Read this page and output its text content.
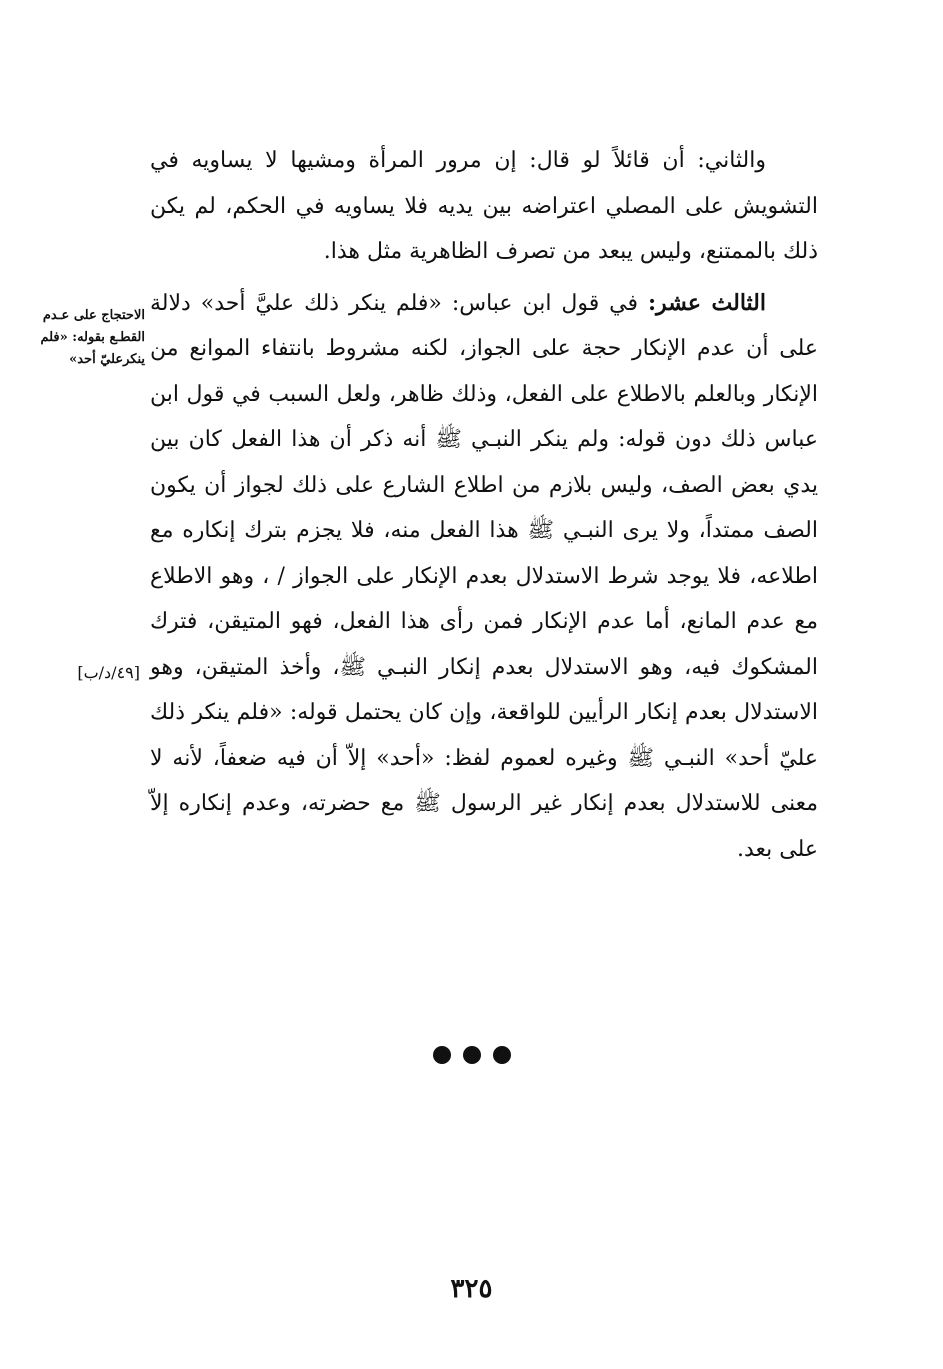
والثاني: أن قائلاً لو قال: إن مرور المرأة ومشيها لا يساويه في التشويش على المصلي اعتراضه بين يديه فلا يساويه في الحكم، لم يكن ذلك بالممتنع، وليس يبعد من تصرف الظاهرية مثل هذا.

الثالث عشر: في قول ابن عباس: «فلم ينكر ذلك عليَّ أحد» دلالة على أن عدم الإنكار حجة على الجواز، لكنه مشروط بانتفاء الموانع من الإنكار وبالعلم بالاطلاع على الفعل، وذلك ظاهر، ولعل السبب في قول ابن عباس ذلك دون قوله: ولم ينكر النبـي ﷺ أنه ذكر أن هذا الفعل كان بين يدي بعض الصف، وليس بلازم من اطلاع الشارع على ذلك لجواز أن يكون الصف ممتداً، ولا يرى النبـي ﷺ هذا الفعل منه، فلا يجزم بترك إنكاره مع اطلاعه، فلا يوجد شرط الاستدلال بعدم الإنكار على الجواز / ، وهو الاطلاع مع عدم المانع، أما عدم الإنكار فمن رأى هذا الفعل، فهو المتيقن، فترك المشكوك فيه، وهو الاستدلال بعدم إنكار النبـي ﷺ، وأخذ المتيقن، وهو الاستدلال بعدم إنكار الرأيين للواقعة، وإن كان يحتمل قوله: «فلم ينكر ذلك عليّ أحد» النبـي ﷺ وغيره لعموم لفظ: «أحد» إلاّ أن فيه ضعفاً، لأنه لا معنى للاستدلال بعدم إنكار غير الرسول ﷺ مع حضرته، وعدم إنكاره إلاّ على بعد.

الاحتجاج على عـدم القطـع بقوله: «فلم ينكرعليّ أحد»
[٤٩/د/ب]
٣٢٥
